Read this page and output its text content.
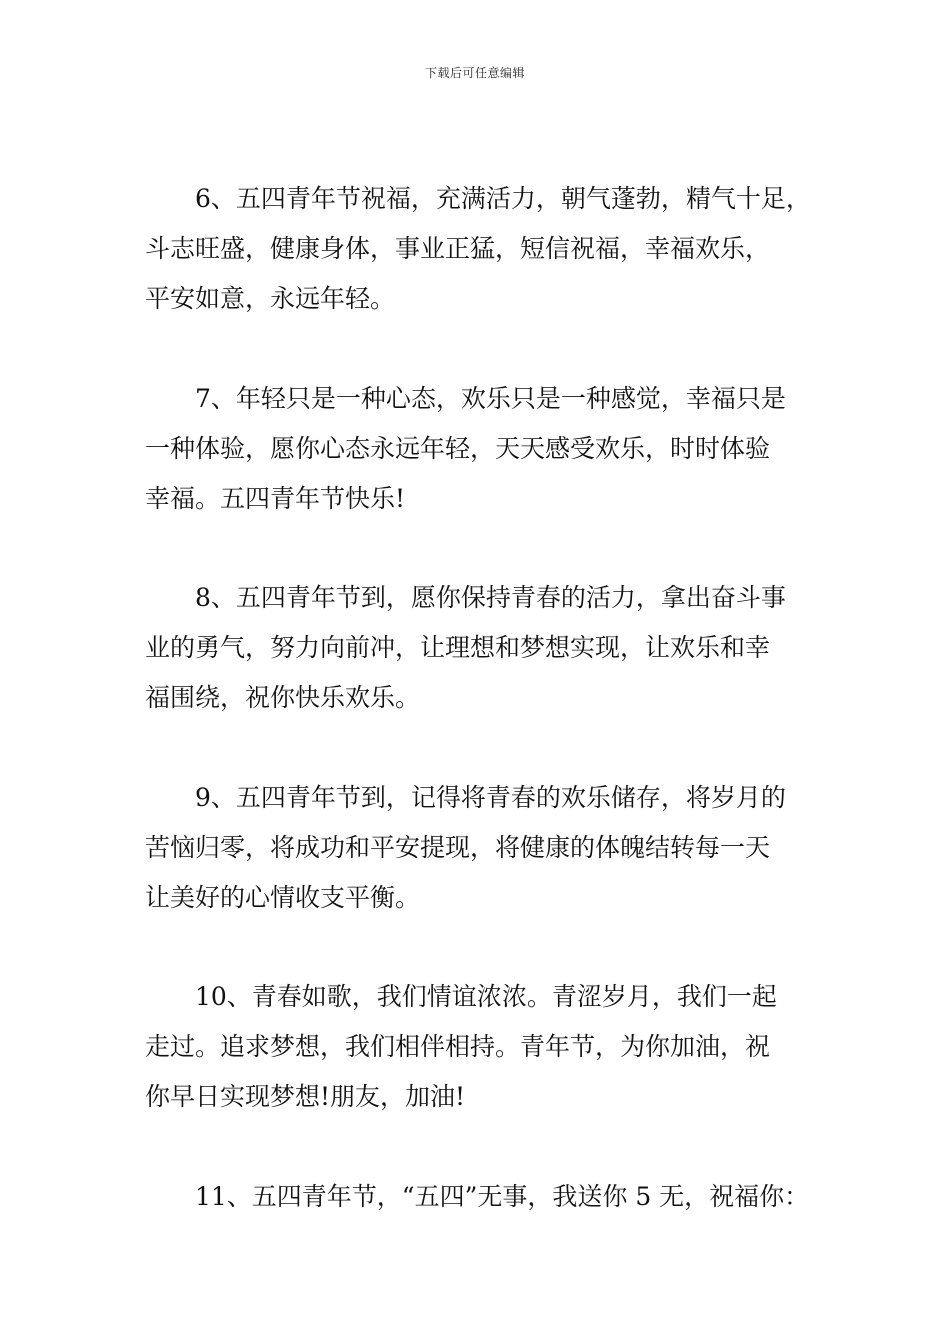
下载后可任意编辑
6、五四青年节祝福，充满活力，朝气蓬勃，精气十足，
斗志旺盛，健康身体，事业正猛，短信祝福，幸福欢乐，
平安如意，永远年轻。
7、年轻只是一种心态，欢乐只是一种感觉，幸福只是
一种体验，愿你心态永远年轻，天天感受欢乐，时时体验
幸福。五四青年节快乐!
8、五四青年节到，愿你保持青春的活力，拿出奋斗事
业的勇气，努力向前冲，让理想和梦想实现，让欢乐和幸
福围绕，祝你快乐欢乐。
9、五四青年节到，记得将青春的欢乐储存，将岁月的
苦恼归零，将成功和平安提现，将健康的体魄结转每一天
让美好的心情收支平衡。
10、青春如歌，我们情谊浓浓。青涩岁月，我们一起
走过。追求梦想，我们相伴相持。青年节，为你加油，祝
你早日实现梦想!朋友，加油!
11、五四青年节，“五四”无事，我送你 5 无，祝福你：
